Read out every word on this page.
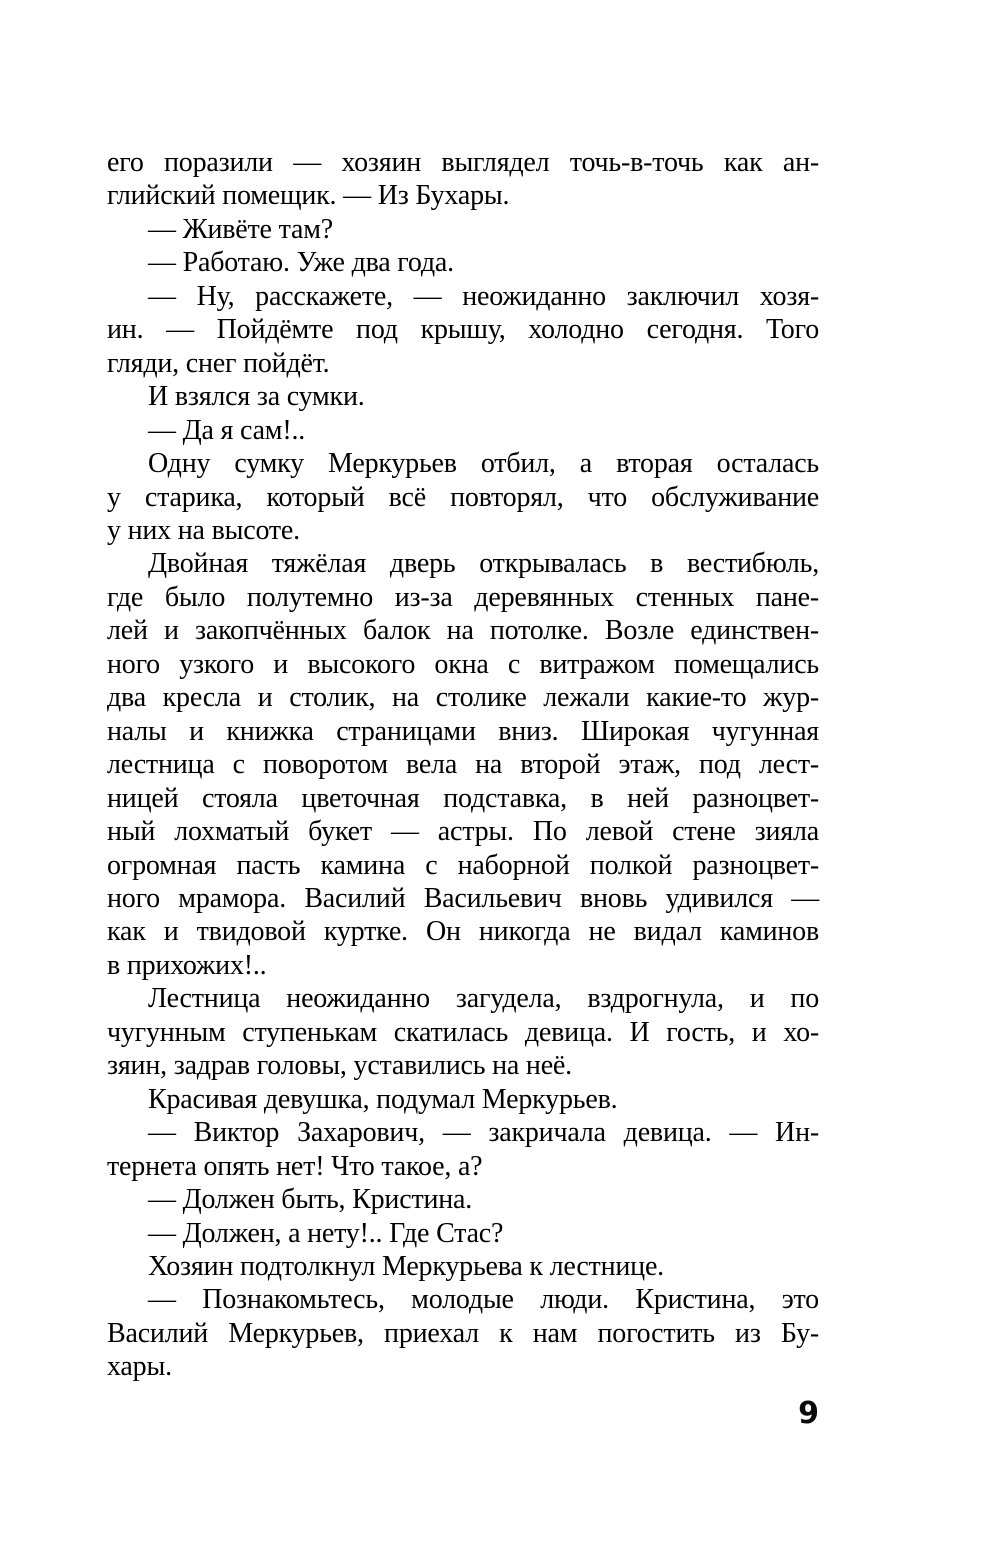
его поразили — хозяин выглядел точь-в-точь как ан-
глийский помещик. — Из Бухары.
— Живёте там?
— Работаю. Уже два года.
— Ну, расскажете, — неожиданно заключил хозя-
ин. — Пойдёмте под крышу, холодно сегодня. Того
гляди, снег пойдёт.
И взялся за сумки.
— Да я сам!..
Одну сумку Меркурьев отбил, а вторая осталась
у старика, который всё повторял, что обслуживание
у них на высоте.
Двойная тяжёлая дверь открывалась в вестибюль,
где было полутемно из-за деревянных стенных пане-
лей и закопчённых балок на потолке. Возле единствен-
ного узкого и высокого окна с витражом помещались
два кресла и столик, на столике лежали какие-то жур-
налы и книжка страницами вниз. Широкая чугунная
лестница с поворотом вела на второй этаж, под лест-
ницей стояла цветочная подставка, в ней разноцвет-
ный лохматый букет — астры. По левой стене зияла
огромная пасть камина с наборной полкой разноцвет-
ного мрамора. Василий Васильевич вновь удивился —
как и твидовой куртке. Он никогда не видал каминов
в прихожих!..
Лестница неожиданно загудела, вздрогнула, и по
чугунным ступенькам скатилась девица. И гость, и хо-
зяин, задрав головы, уставились на неё.
Красивая девушка, подумал Меркурьев.
— Виктор Захарович, — закричала девица. — Ин-
тернета опять нет! Что такое, а?
— Должен быть, Кристина.
— Должен, а нету!.. Где Стас?
Хозяин подтолкнул Меркурьева к лестнице.
— Познакомьтесь, молодые люди. Кристина, это
Василий Меркурьев, приехал к нам погостить из Бу-
хары.
9
